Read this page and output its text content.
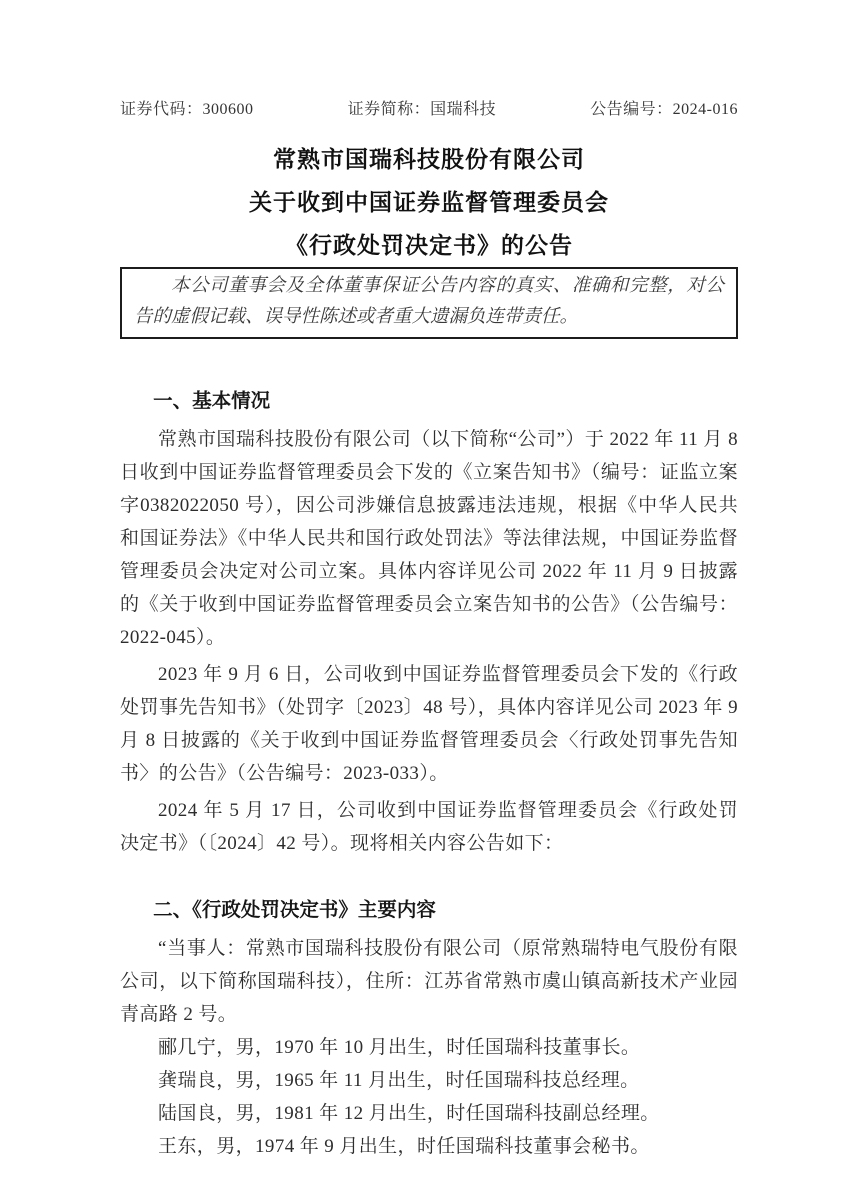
证券代码：300600	证券简称：国瑞科技	公告编号：2024-016
常熟市国瑞科技股份有限公司
关于收到中国证券监督管理委员会
《行政处罚决定书》的公告

本公司董事会及全体董事保证公告内容的真实、准确和完整，对公告的虚假记载、误导性陈述或者重大遗漏负连带责任。

一、基本情况

常熟市国瑞科技股份有限公司（以下简称“公司”）于 2022 年 11 月 8 日收到中国证券监督管理委员会下发的《立案告知书》（编号：证监立案字0382022050 号），因公司涉嫌信息披露违法违规，根据《中华人民共和国证券法》《中华人民共和国行政处罚法》等法律法规，中国证券监督管理委员会决定对公司立案。具体内容详见公司 2022 年 11 月 9 日披露的《关于收到中国证券监督管理委员会立案告知书的公告》（公告编号：2022-045）。

2023 年 9 月 6 日，公司收到中国证券监督管理委员会下发的《行政处罚事先告知书》（处罚字〔2023〕48 号），具体内容详见公司 2023 年 9 月 8 日披露的《关于收到中国证券监督管理委员会〈行政处罚事先告知书〉的公告》（公告编号：2023-033）。

2024 年 5 月 17 日，公司收到中国证券监督管理委员会《行政处罚决定书》（〔2024〕42 号）。现将相关内容公告如下：

二、《行政处罚决定书》主要内容

“当事人：常熟市国瑞科技股份有限公司（原常熟瑞特电气股份有限公司，以下简称国瑞科技），住所：江苏省常熟市虞山镇高新技术产业园青高路 2 号。

郦几宁，男，1970 年 10 月出生，时任国瑞科技董事长。

龚瑞良，男，1965 年 11 月出生，时任国瑞科技总经理。

陆国良，男，1981 年 12 月出生，时任国瑞科技副总经理。

王东，男，1974 年 9 月出生，时任国瑞科技董事会秘书。
